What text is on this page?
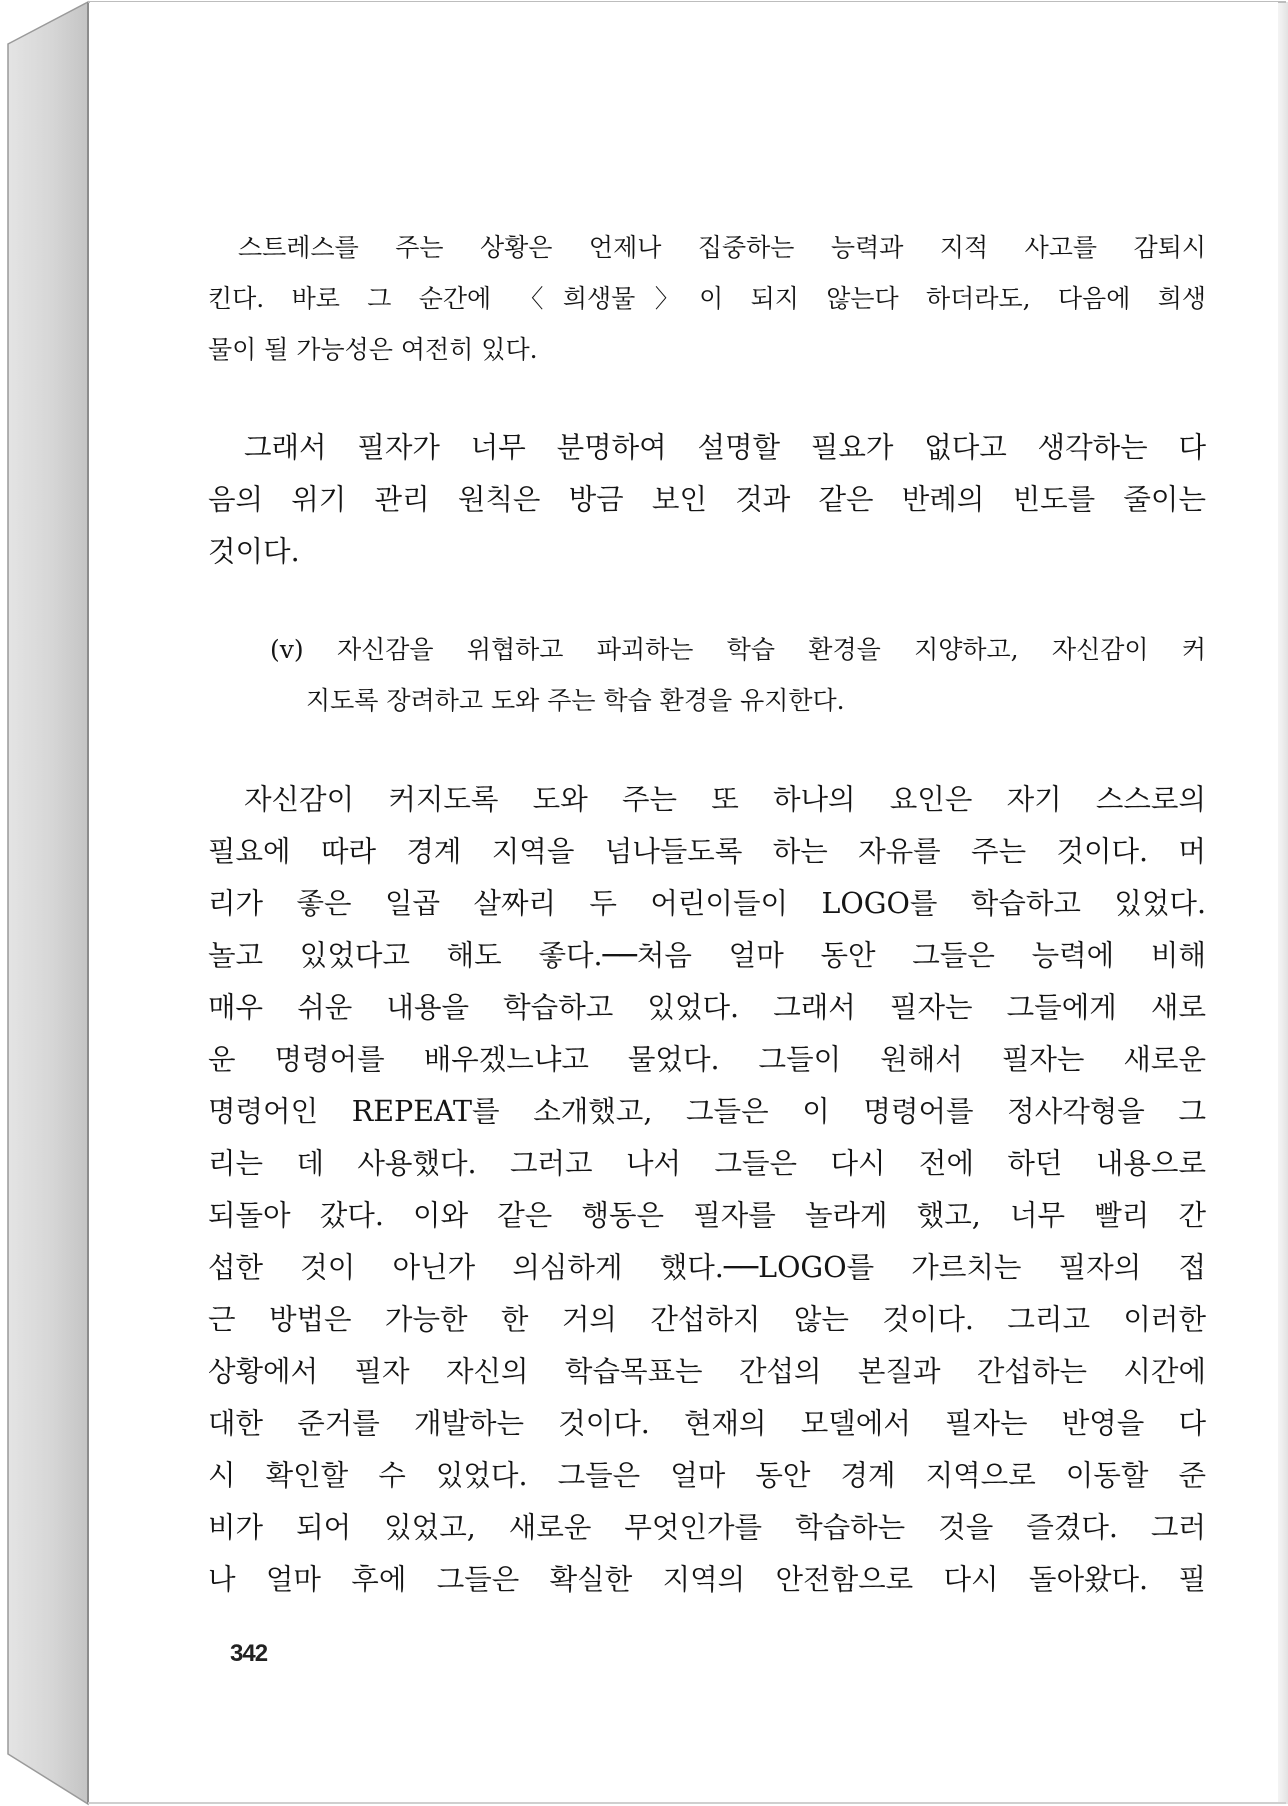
스트레스를 주는 상황은 언제나 집중하는 능력과 지적 사고를 감퇴시
킨다. 바로 그 순간에 〈희생물〉이 되지 않는다 하더라도, 다음에 희생
물이 될 가능성은 여전히 있다.
그래서 필자가 너무 분명하여 설명할 필요가 없다고 생각하는 다
음의 위기 관리 원칙은 방금 보인 것과 같은 반례의 빈도를 줄이는
것이다.
(v) 자신감을 위협하고 파괴하는 학습 환경을 지양하고, 자신감이 커
지도록 장려하고 도와 주는 학습 환경을 유지한다.
자신감이 커지도록 도와 주는 또 하나의 요인은 자기 스스로의
필요에 따라 경계 지역을 넘나들도록 하는 자유를 주는 것이다. 머
리가 좋은 일곱 살짜리 두 어린이들이 LOGO를 학습하고 있었다.
놀고 있었다고 해도 좋다.──처음 얼마 동안 그들은 능력에 비해
매우 쉬운 내용을 학습하고 있었다. 그래서 필자는 그들에게 새로
운 명령어를 배우겠느냐고 물었다. 그들이 원해서 필자는 새로운
명령어인 REPEAT를 소개했고, 그들은 이 명령어를 정사각형을 그
리는 데 사용했다. 그러고 나서 그들은 다시 전에 하던 내용으로
되돌아 갔다. 이와 같은 행동은 필자를 놀라게 했고, 너무 빨리 간
섭한 것이 아닌가 의심하게 했다.──LOGO를 가르치는 필자의 접
근 방법은 가능한 한 거의 간섭하지 않는 것이다. 그리고 이러한
상황에서 필자 자신의 학습목표는 간섭의 본질과 간섭하는 시간에
대한 준거를 개발하는 것이다. 현재의 모델에서 필자는 반영을 다
시 확인할 수 있었다. 그들은 얼마 동안 경계 지역으로 이동할 준
비가 되어 있었고, 새로운 무엇인가를 학습하는 것을 즐겼다. 그러
나 얼마 후에 그들은 확실한 지역의 안전함으로 다시 돌아왔다. 필
342
